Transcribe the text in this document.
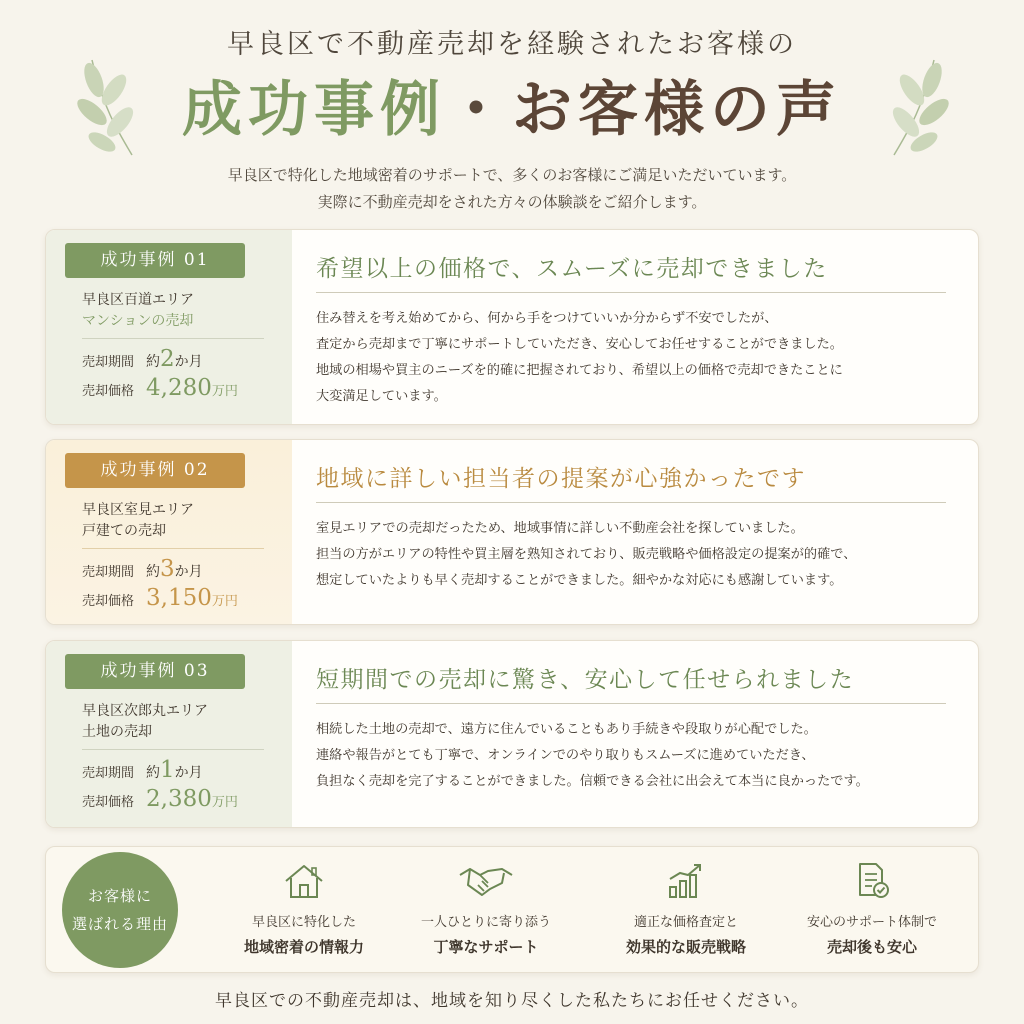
早良区で不動産売却を経験されたお客様の
成功事例・お客様の声
早良区で特化した地域密着のサポートで、多くのお客様にご満足いただいています。
実際に不動産売却をされた方々の体験談をご紹介します。
成功事例 01
早良区百道エリア
マンションの売却
売却期間 約2か月
売却価格 4,280万円
希望以上の価格で、スムーズに売却できました
住み替えを考え始めてから、何から手をつけていいか分からず不安でしたが、
査定から売却まで丁寧にサポートしていただき、安心してお任せすることができました。
地域の相場や買主のニーズを的確に把握されており、希望以上の価格で売却できたことに
大変満足しています。
成功事例 02
早良区室見エリア
戸建ての売却
売却期間 約3か月
売却価格 3,150万円
地域に詳しい担当者の提案が心強かったです
室見エリアでの売却だったため、地域事情に詳しい不動産会社を探していました。
担当の方がエリアの特性や買主層を熟知されており、販売戦略や価格設定の提案が的確で、
想定していたよりも早く売却することができました。細やかな対応にも感謝しています。
成功事例 03
早良区次郎丸エリア
土地の売却
売却期間 約1か月
売却価格 2,380万円
短期間での売却に驚き、安心して任せられました
相続した土地の売却で、遠方に住んでいることもあり手続きや段取りが心配でした。
連絡や報告がとても丁寧で、オンラインでのやり取りもスムーズに進めていただき、
負担なく売却を完了することができました。信頼できる会社に出会えて本当に良かったです。
お客様に
選ばれる理由	早良区に特化した
地域密着の情報力
一人ひとりに寄り添う
丁寧なサポート
適正な価格査定と
効果的な販売戦略
安心のサポート体制で
売却後も安心
早良区での不動産売却は、地域を知り尽くした私たちにお任せください。
